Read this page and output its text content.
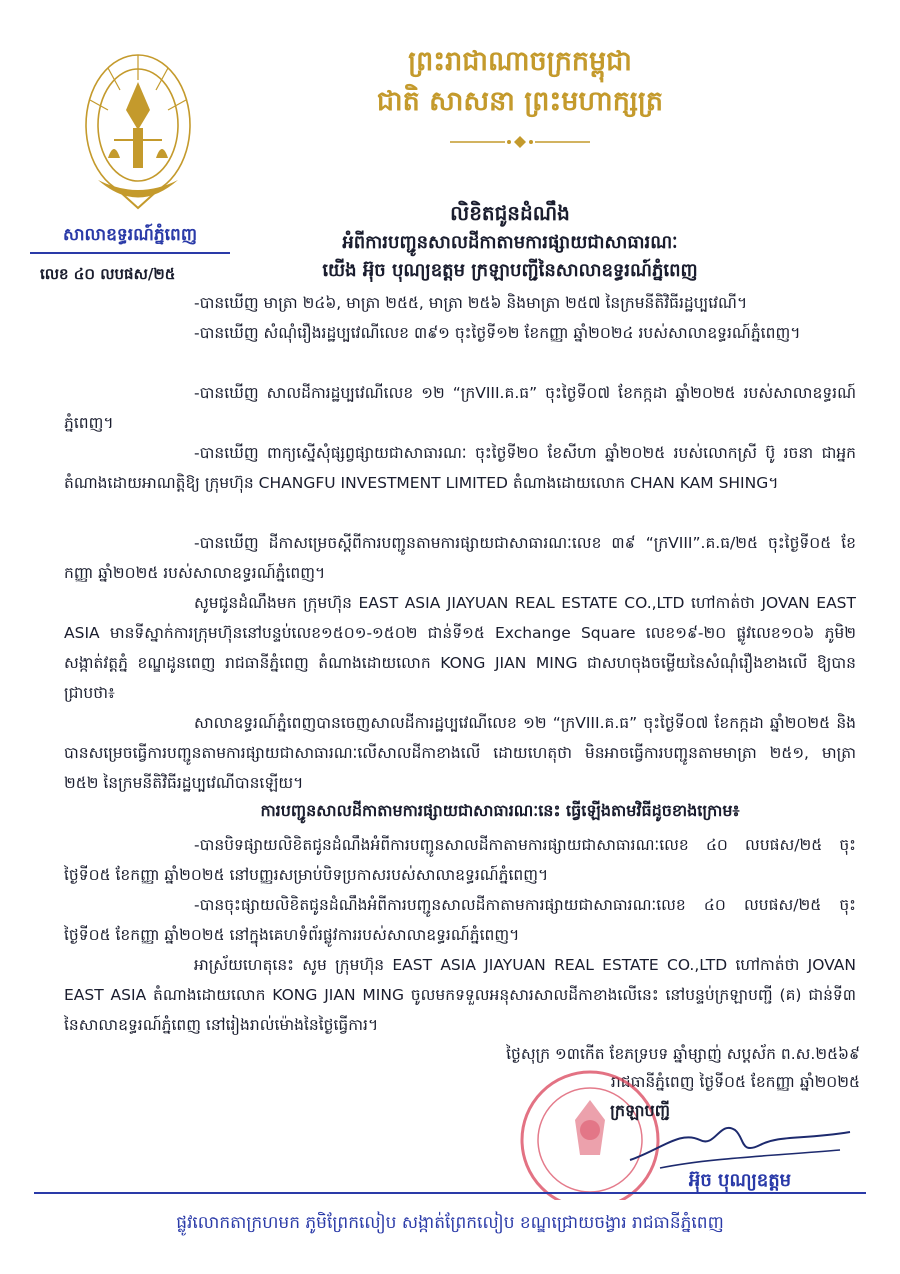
ព្រះរាជាណាចក្រកម្ពុជា
ជាតិ សាសនា ព្រះមហាក្សត្រ
សាលាឧទ្ធរណ៍ភ្នំពេញ
លិខិតជូនដំណឹង
អំពីការបញ្ជូនសាលដីកាតាមការផ្សាយជាសាធារណៈ
យើង អ៊ុច បុណ្យឧត្តម ក្រឡាបញ្ជីនៃសាលាឧទ្ធរណ៍ភ្នំពេញ
លេខ ៤០ លបផស/២៥
-បានឃើញ មាត្រា ២៤៦, មាត្រា ២៥៥, មាត្រា ២៥៦ និងមាត្រា ២៥៧ នៃក្រមនីតិវិធីរដ្ឋប្បវេណី។
-បានឃើញ សំណុំរឿងរដ្ឋប្បវេណីលេខ ៣៩១ ចុះថ្ងៃទី១២ ខែកញ្ញា ឆ្នាំ២០២៤ របស់សាលាឧទ្ធរណ៍ភ្នំពេញ។
-បានឃើញ សាលដីការដ្ឋប្បវេណីលេខ ១២ “ក្រVIII.គ.ធ” ចុះថ្ងៃទី០៧ ខែកក្កដា ឆ្នាំ២០២៥ របស់សាលាឧទ្ធរណ៍ភ្នំពេញ។
-បានឃើញ ពាក្យស្នើសុំផ្សព្វផ្សាយជាសាធារណៈ ចុះថ្ងៃទី២០ ខែសីហា ឆ្នាំ២០២៥ របស់លោកស្រី ប៊ូ រចនា ជាអ្នកតំណាងដោយអាណត្តិឱ្យ ក្រុមហ៊ុន CHANGFU INVESTMENT LIMITED តំណាងដោយលោក CHAN KAM SHING។
-បានឃើញ ដីកាសម្រេចស្ដីពីការបញ្ជូនតាមការផ្សាយជាសាធារណៈលេខ ៣៩ “ក្រVIII”.គ.ធ/២៥ ចុះថ្ងៃទី០៥ ខែកញ្ញា ឆ្នាំ២០២៥ របស់សាលាឧទ្ធរណ៍ភ្នំពេញ។
សូមជូនដំណឹងមក ក្រុមហ៊ុន EAST ASIA JIAYUAN REAL ESTATE CO.,LTD ហៅកាត់ថា JOVAN EAST ASIA មានទីស្នាក់ការក្រុមហ៊ុននៅបន្ទប់លេខ១៥០១-១៥០២ ជាន់ទី១៥ Exchange Square លេខ១៩-២០ ផ្លូវលេខ១០៦ ភូមិ២ សង្កាត់វត្តភ្នំ ខណ្ឌដូនពេញ រាជធានីភ្នំពេញ តំណាងដោយលោក KONG JIAN MING ជាសហចុងចម្លើយនៃសំណុំរឿងខាងលើ ឱ្យបានជ្រាបថា៖
សាលាឧទ្ធរណ៍ភ្នំពេញបានចេញសាលដីការដ្ឋប្បវេណីលេខ ១២ “ក្រVIII.គ.ធ” ចុះថ្ងៃទី០៧ ខែកក្កដា ឆ្នាំ២០២៥ និងបានសម្រេចធ្វើការបញ្ជូនតាមការផ្សាយជាសាធារណៈលើសាលដីកាខាងលើ ដោយហេតុថា មិនអាចធ្វើការបញ្ជូនតាមមាត្រា ២៥១, មាត្រា ២៥២ នៃក្រមនីតិវិធីរដ្ឋប្បវេណីបានឡើយ។
ការបញ្ជូនសាលដីកាតាមការផ្សាយជាសាធារណៈនេះ ធ្វើឡើងតាមវិធីដូចខាងក្រោម៖
-បានបិទផ្សាយលិខិតជូនដំណឹងអំពីការបញ្ជូនសាលដីកាតាមការផ្សាយជាសាធារណៈលេខ ៤០ លបផស/២៥ ចុះថ្ងៃទី០៥ ខែកញ្ញា ឆ្នាំ២០២៥ នៅបញ្ញរសម្រាប់បិទប្រកាសរបស់សាលាឧទ្ធរណ៍ភ្នំពេញ។
-បានចុះផ្សាយលិខិតជូនដំណឹងអំពីការបញ្ជូនសាលដីកាតាមការផ្សាយជាសាធារណៈលេខ ៤០ លបផស/២៥ ចុះថ្ងៃទី០៥ ខែកញ្ញា ឆ្នាំ២០២៥ នៅក្នុងគេហទំព័រផ្លូវការរបស់សាលាឧទ្ធរណ៍ភ្នំពេញ។
អាស្រ័យហេតុនេះ សូម ក្រុមហ៊ុន EAST ASIA JIAYUAN REAL ESTATE CO.,LTD ហៅកាត់ថា JOVAN EAST ASIA តំណាងដោយលោក KONG JIAN MING ចូលមកទទួលអនុសារសាលដីកាខាងលើនេះ នៅបន្ទប់ក្រឡាបញ្ជី (គ) ជាន់ទី៣ នៃសាលាឧទ្ធរណ៍ភ្នំពេញ នៅរៀងរាល់ម៉ោងនៃថ្ងៃធ្វើការ។
ថ្ងៃសុក្រ ១៣កើត ខែភទ្របទ ឆ្នាំម្សាញ់ សប្តស័ក ព.ស.២៥៦៩
រាជធានីភ្នំពេញ ថ្ងៃទី០៥ ខែកញ្ញា ឆ្នាំ២០២៥
ក្រឡាបញ្ជី
អ៊ុច បុណ្យឧត្តម
ផ្លូវលោកតាក្រហមក ភូមិព្រែកលៀប សង្កាត់ព្រែកលៀប ខណ្ឌជ្រោយចង្វារ រាជធានីភ្នំពេញ
